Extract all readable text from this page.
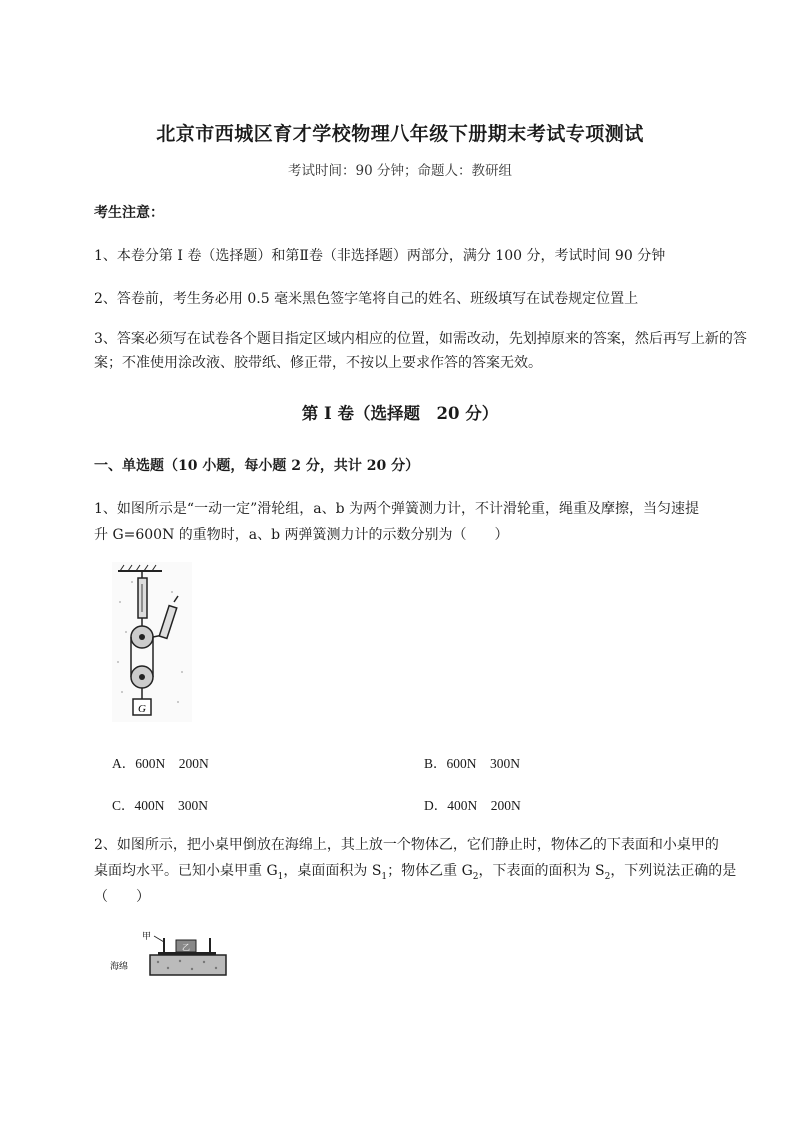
北京市西城区育才学校物理八年级下册期末考试专项测试
考试时间：90 分钟；命题人：教研组
考生注意：
1、本卷分第 I 卷（选择题）和第Ⅱ卷（非选择题）两部分，满分 100 分，考试时间 90 分钟
2、答卷前，考生务必用 0.5 毫米黑色签字笔将自己的姓名、班级填写在试卷规定位置上
3、答案必须写在试卷各个题目指定区域内相应的位置，如需改动，先划掉原来的答案，然后再写上新的答案；不准使用涂改液、胶带纸、修正带，不按以上要求作答的答案无效。
第 I 卷（选择题　20 分）
一、单选题（10 小题，每小题 2 分，共计 20 分）
1、如图所示是“一动一定”滑轮组，a、b 为两个弹簧测力计，不计滑轮重，绳重及摩擦，当匀速提
升 G=600N 的重物时，a、b 两弹簧测力计的示数分别为（　　）
G
A．600N　200N	B．600N　300N
C．400N　300N	D．400N　200N
2、如图所示，把小桌甲倒放在海绵上，其上放一个物体乙，它们静止时，物体乙的下表面和小桌甲的
桌面均水平。已知小桌甲重 $G_1$，桌面面积为 $S_1$；物体乙重 $G_2$，下表面的面积为 $S_2$，下列说法正确的是
（　　）
甲
乙
海绵
